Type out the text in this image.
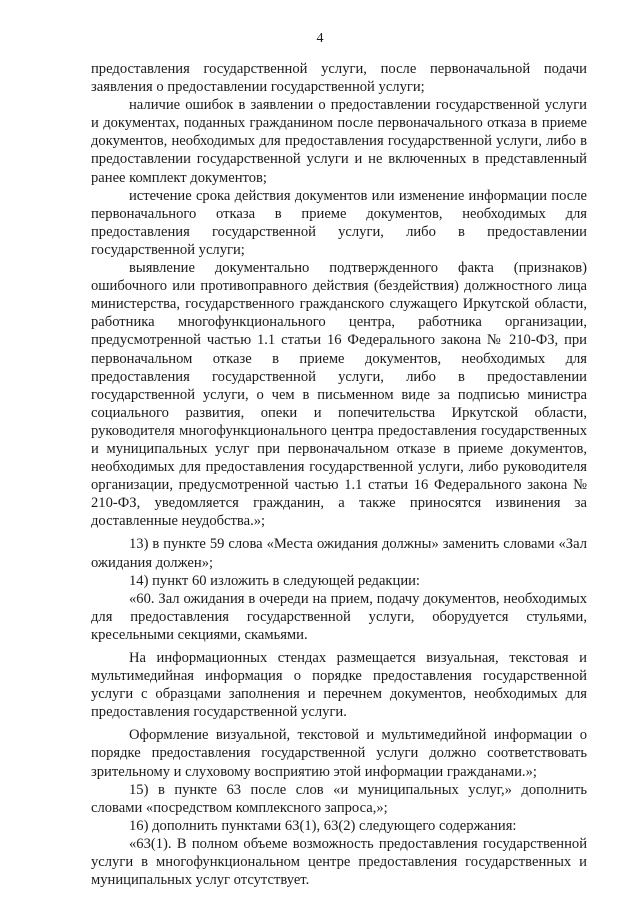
4

предоставления государственной услуги, после первоначальной подачи заявления о предоставлении государственной услуги;

наличие ошибок в заявлении о предоставлении государственной услуги и документах, поданных гражданином после первоначального отказа в приеме документов, необходимых для предоставления государственной услуги, либо в предоставлении государственной услуги и не включенных в представленный ранее комплект документов;

истечение срока действия документов или изменение информации после первоначального отказа в приеме документов, необходимых для предоставления государственной услуги, либо в предоставлении государственной услуги;

выявление документально подтвержденного факта (признаков) ошибочного или противоправного действия (бездействия) должностного лица министерства, государственного гражданского служащего Иркутской области, работника многофункционального центра, работника организации, предусмотренной частью 1.1 статьи 16 Федерального закона № 210-ФЗ, при первоначальном отказе в приеме документов, необходимых для предоставления государственной услуги, либо в предоставлении государственной услуги, о чем в письменном виде за подписью министра социального развития, опеки и попечительства Иркутской области, руководителя многофункционального центра предоставления государственных и муниципальных услуг при первоначальном отказе в приеме документов, необходимых для предоставления государственной услуги, либо руководителя организации, предусмотренной частью 1.1 статьи 16 Федерального закона № 210-ФЗ, уведомляется гражданин, а также приносятся извинения за доставленные неудобства.»;

13) в пункте 59 слова «Места ожидания должны» заменить словами «Зал ожидания должен»;

14) пункт 60 изложить в следующей редакции:

«60. Зал ожидания в очереди на прием, подачу документов, необходимых для предоставления государственной услуги, оборудуется стульями, кресельными секциями, скамьями.

На информационных стендах размещается визуальная, текстовая и мультимедийная информация о порядке предоставления государственной услуги с образцами заполнения и перечнем документов, необходимых для предоставления государственной услуги.

Оформление визуальной, текстовой и мультимедийной информации о порядке предоставления государственной услуги должно соответствовать зрительному и слуховому восприятию этой информации гражданами.»;

15) в пункте 63 после слов «и муниципальных услуг,» дополнить словами «посредством комплексного запроса,»;

16) дополнить пунктами 63(1), 63(2) следующего содержания:

«63(1). В полном объеме возможность предоставления государственной услуги в многофункциональном центре предоставления государственных и муниципальных услуг отсутствует.
